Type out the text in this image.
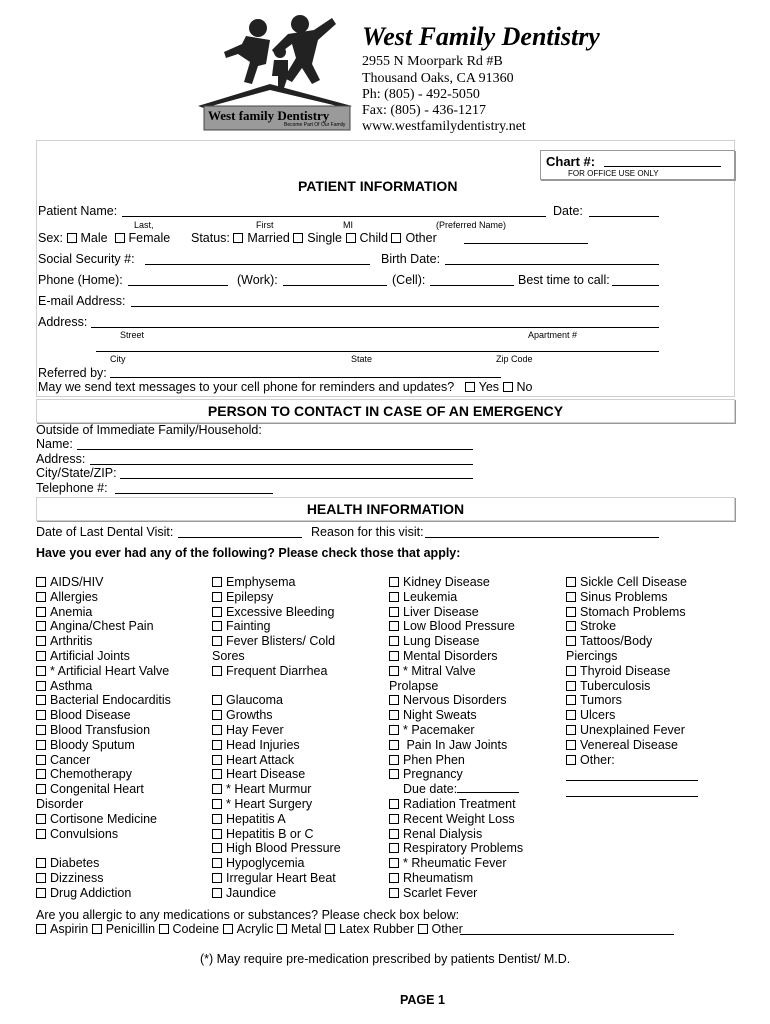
West family Dentistry
Become Part Of Our Family
West Family Dentistry
2955 N Moorpark Rd #B
Thousand Oaks, CA 91360
Ph: (805) - 492-5050
Fax: (805) - 436-1217
www.westfamilydentistry.net
Chart #:
FOR OFFICE USE ONLY
PATIENT INFORMATION
Patient Name:	Date:
Last,	First	MI	(Preferred Name)
Sex: Male Female Status: Married Single Child Other
Social Security #:	Birth Date:
Phone (Home):	(Work):	(Cell):	Best time to call:
E-mail Address:
Address:
Street	Apartment #
City	State	Zip Code
Referred by:
May we send text messages to your cell phone for reminders and updates? Yes No
PERSON TO CONTACT IN CASE OF AN EMERGENCY
Outside of Immediate Family/Household:
Name:
Address:
City/State/ZIP:
Telephone #:
HEALTH INFORMATION
Date of Last Dental Visit:	Reason for this visit:
Have you ever had any of the following? Please check those that apply:
AIDS/HIV
Allergies
Anemia
Angina/Chest Pain
Arthritis
Artificial Joints
* Artificial Heart Valve
Asthma
Bacterial Endocarditis
Blood Disease
Blood Transfusion
Bloody Sputum
Cancer
Chemotherapy
Congenital Heart
Disorder
Cortisone Medicine
Convulsions

Diabetes
Dizziness
Drug Addiction
Emphysema
Epilepsy
Excessive Bleeding
Fainting
Fever Blisters/ Cold
Sores
Frequent Diarrhea

Glaucoma
Growths
Hay Fever
Head Injuries
Heart Attack
Heart Disease
* Heart Murmur
* Heart Surgery
Hepatitis A
Hepatitis B or C
High Blood Pressure
Hypoglycemia
Irregular Heart Beat
Jaundice
Kidney Disease
Leukemia
Liver Disease
Low Blood Pressure
Lung Disease
Mental Disorders
* Mitral Valve
Prolapse
Nervous Disorders
Night Sweats
* Pacemaker
Pain In Jaw Joints
Phen Phen
Pregnancy
Due date:
Radiation Treatment
Recent Weight Loss
Renal Dialysis
Respiratory Problems
* Rheumatic Fever
Rheumatism
Scarlet Fever
Sickle Cell Disease
Sinus Problems
Stomach Problems
Stroke
Tattoos/Body
Piercings
Thyroid Disease
Tuberculosis
Tumors
Ulcers
Unexplained Fever
Venereal Disease
Other:
Are you allergic to any medications or substances? Please check box below:
Aspirin Penicillin Codeine Acrylic Metal Latex Rubber Other
(*) May require pre-medication prescribed by patients Dentist/ M.D.
PAGE 1
